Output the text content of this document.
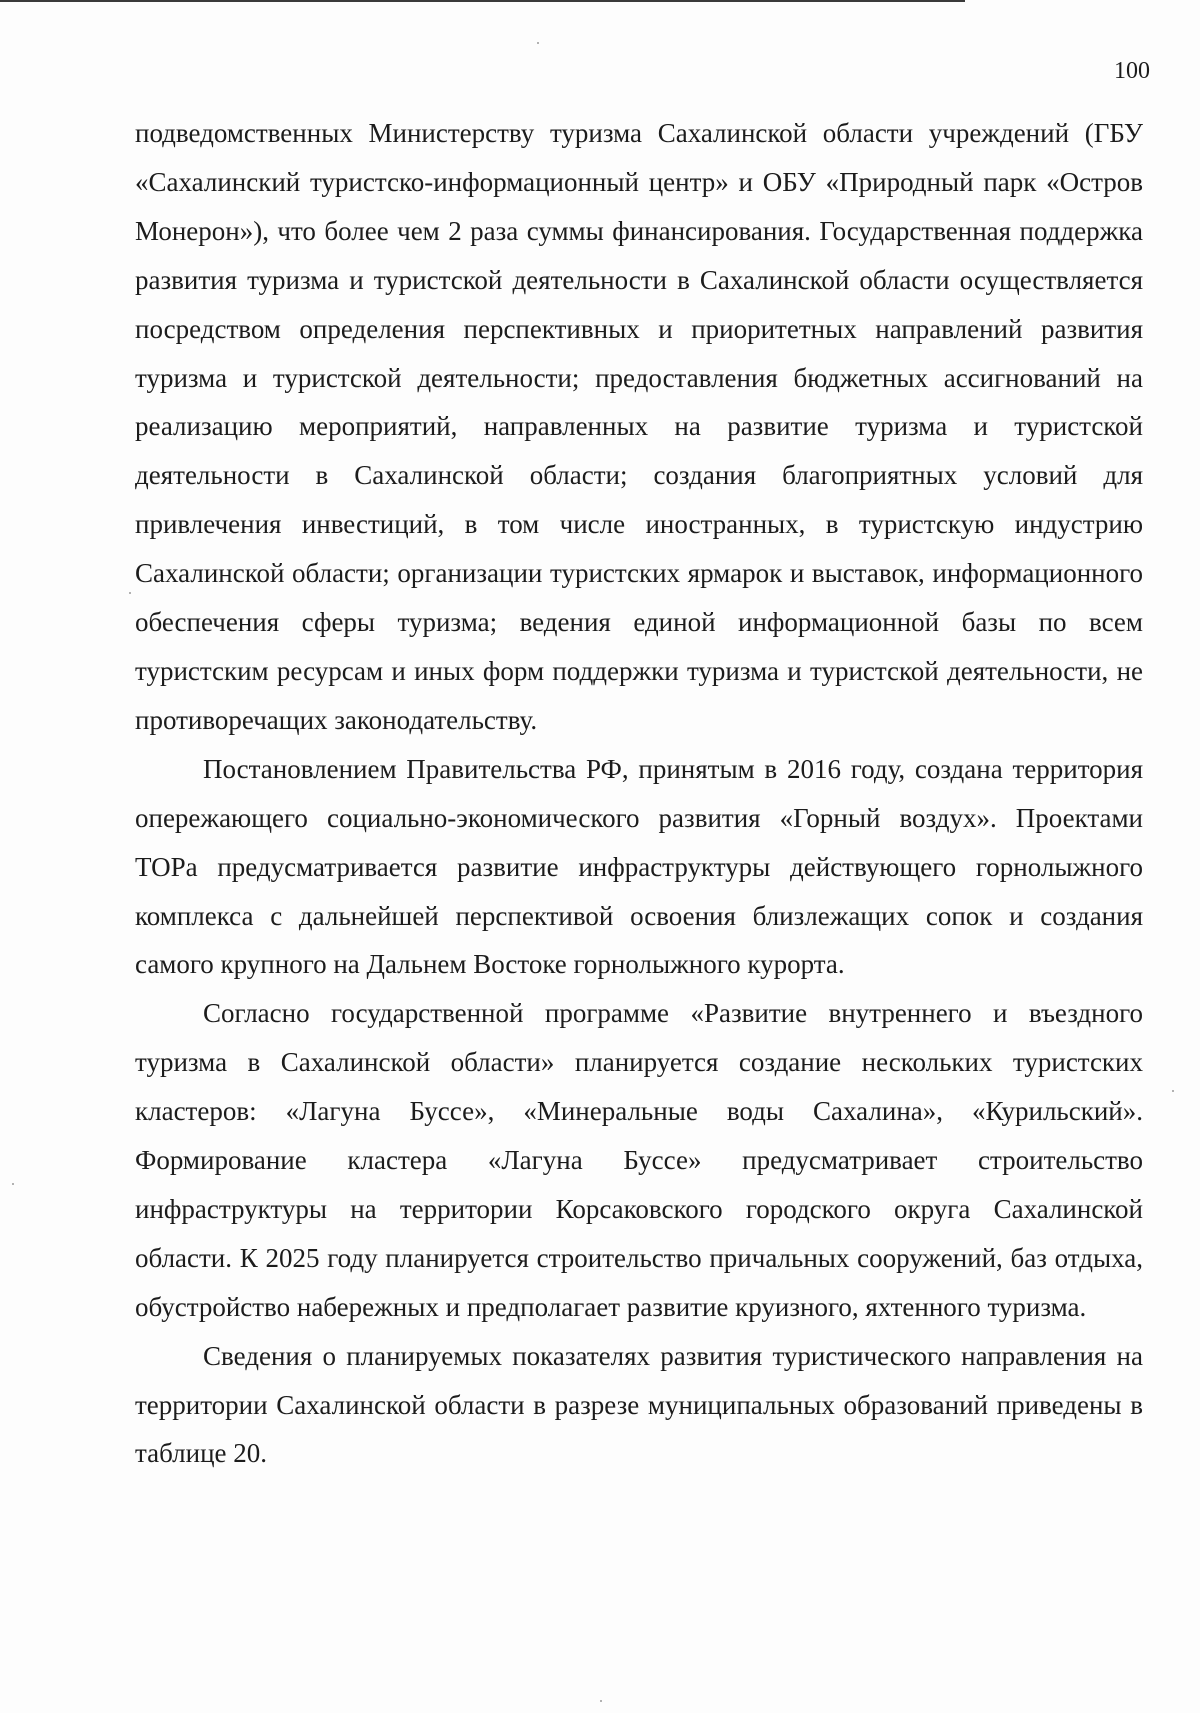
100

подведомственных Министерству туризма Сахалинской области учреждений (ГБУ «Сахалинский туристско-информационный центр» и ОБУ «Природный парк «Остров Монерон»), что более чем 2 раза суммы финансирования. Государственная поддержка развития туризма и туристской деятельности в Сахалинской области осуществляется посредством определения перспективных и приоритетных направлений развития туризма и туристской деятельности; предоставления бюджетных ассигнований на реализацию мероприятий, направленных на развитие туризма и туристской деятельности в Сахалинской области; создания благоприятных условий для привлечения инвестиций, в том числе иностранных, в туристскую индустрию Сахалинской области; организации туристских ярмарок и выставок, информационного обеспечения сферы туризма; ведения единой информационной базы по всем туристским ресурсам и иных форм поддержки туризма и туристской деятельности, не противоречащих законодательству.

Постановлением Правительства РФ, принятым в 2016 году, создана территория опережающего социально-экономического развития «Горный воздух». Проектами ТОРа предусматривается развитие инфраструктуры действующего горнолыжного комплекса с дальнейшей перспективой освоения близлежащих сопок и создания самого крупного на Дальнем Востоке горнолыжного курорта.

Согласно государственной программе «Развитие внутреннего и въездного туризма в Сахалинской области» планируется создание нескольких туристских кластеров: «Лагуна Буссе», «Минеральные воды Сахалина», «Курильский». Формирование кластера «Лагуна Буссе» предусматривает строительство инфраструктуры на территории Корсаковского городского округа Сахалинской области. К 2025 году планируется строительство причальных сооружений, баз отдыха, обустройство набережных и предполагает развитие круизного, яхтенного туризма.

Сведения о планируемых показателях развития туристического направления на территории Сахалинской области в разрезе муниципальных образований приведены в таблице 20.
